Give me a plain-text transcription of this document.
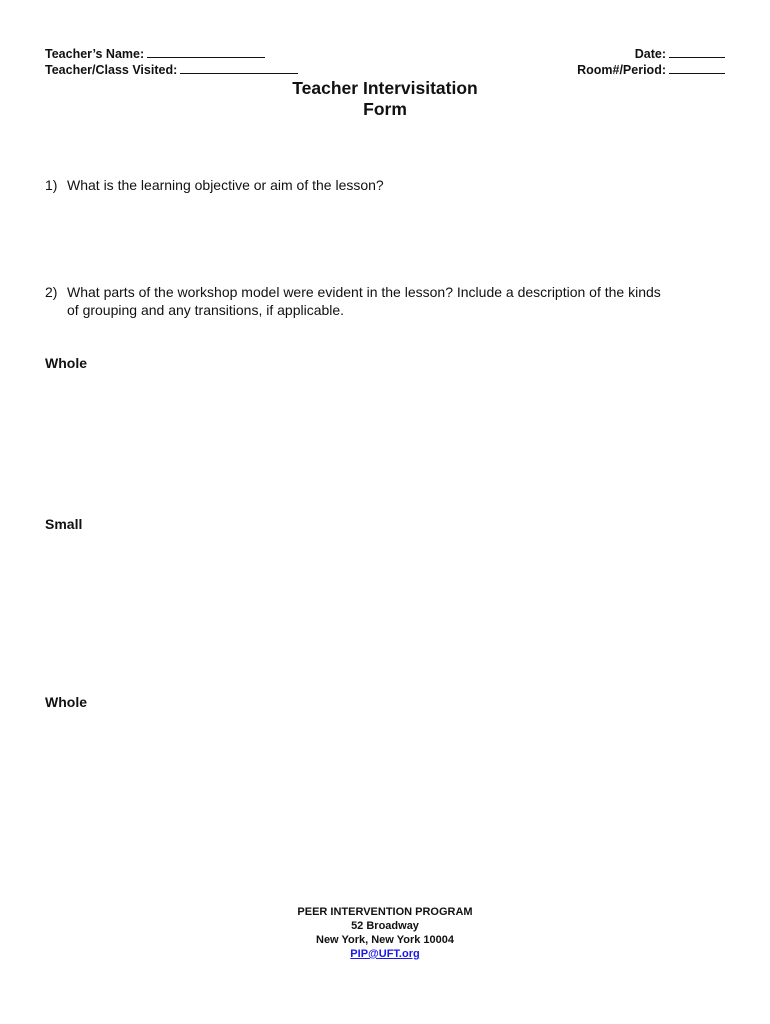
Teacher’s Name:
Teacher/Class Visited:
Date:
Room#/Period:
Teacher Intervisitation
Form
1) What is the learning objective or aim of the lesson?
2) What parts of the workshop model were evident in the lesson? Include a description of the kinds
of grouping and any transitions, if applicable.
Whole
Small
Whole
PEER INTERVENTION PROGRAM
52 Broadway
New York, New York 10004
PIP@UFT.org
